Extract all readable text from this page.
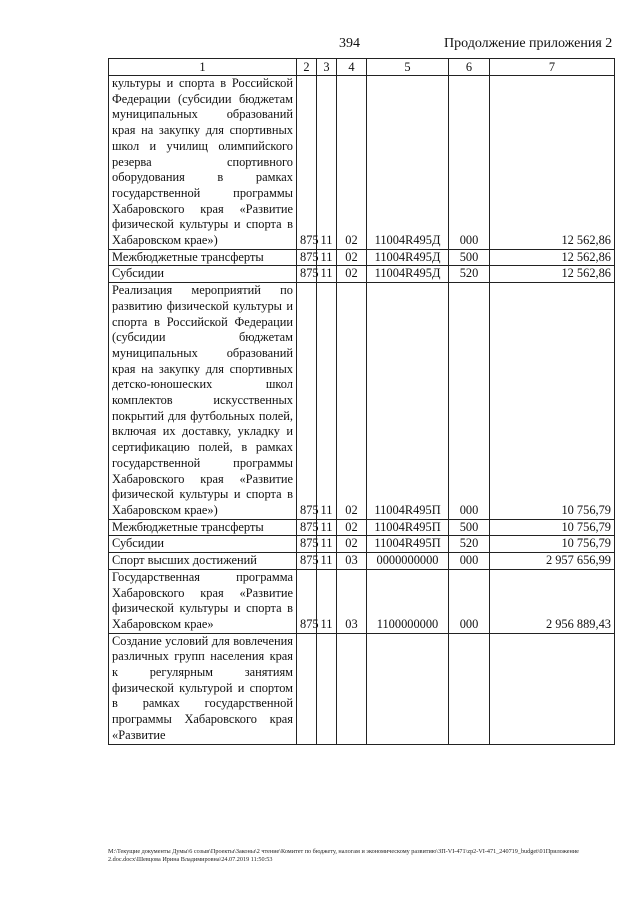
394	Продолжение приложения 2
1	2	3	4	5	6	7
культуры и спорта в Российской Федерации (субсидии бюджетам муниципальных образований края на закупку для спортивных школ и училищ олимпийского резерва спортивного оборудования в рамках государственной программы Хабаровского края «Развитие физической культуры и спорта в Хабаровском крае»)	875	11	02	11004R495Д	000	12 562,86
Межбюджетные трансферты	875	11	02	11004R495Д	500	12 562,86
Субсидии	875	11	02	11004R495Д	520	12 562,86
Реализация мероприятий по развитию физической культуры и спорта в Российской Федерации (субсидии бюджетам муниципальных образований края на закупку для спортивных детско-юношеских школ комплектов искусственных покрытий для футбольных полей, включая их доставку, укладку и сертификацию полей, в рамках государственной программы Хабаровского края «Развитие физической культуры и спорта в Хабаровском крае»)	875	11	02	11004R495П	000	10 756,79
Межбюджетные трансферты	875	11	02	11004R495П	500	10 756,79
Субсидии	875	11	02	11004R495П	520	10 756,79
Спорт высших достижений	875	11	03	0000000000	000	2 957 656,99
Государственная программа Хабаровского края «Развитие физической культуры и спорта в Хабаровском крае»	875	11	03	1100000000	000	2 956 889,43
Создание условий для вовлечения различных групп населения края к регулярным занятиям физической культурой и спортом в рамках государственной программы Хабаровского края «Развитие						
M:\Текущие документы Думы\6 созыв\Проекты\Законы\2 чтение\Комитет по бюджету, налогам и экономическому развитию\ЗП-VI-471\zp2-VI-471_240719_budget\01Приложение 2.doc.docx\Шевцова Ирина Владимировна\24.07.2019 11:50:53
